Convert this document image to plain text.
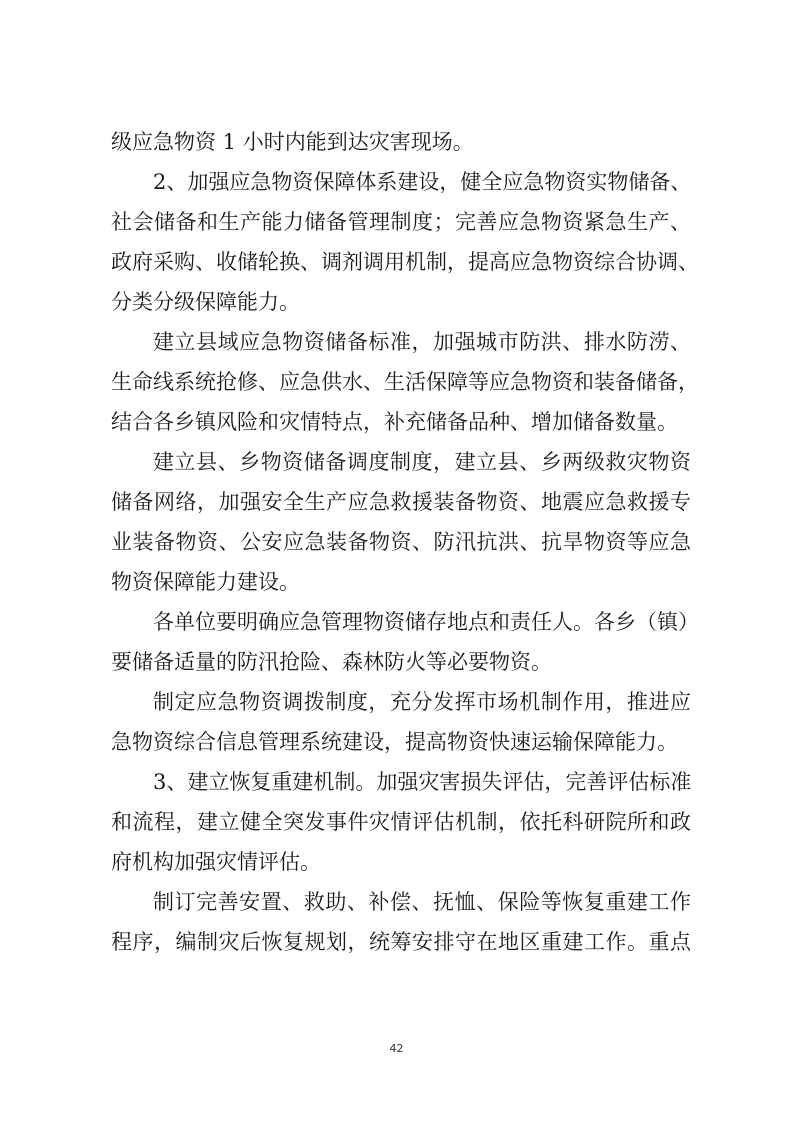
级应急物资 1 小时内能到达灾害现场。
2、加强应急物资保障体系建设，健全应急物资实物储备、
社会储备和生产能力储备管理制度；完善应急物资紧急生产、
政府采购、收储轮换、调剂调用机制，提高应急物资综合协调、
分类分级保障能力。
建立县域应急物资储备标准，加强城市防洪、排水防涝、
生命线系统抢修、应急供水、生活保障等应急物资和装备储备，
结合各乡镇风险和灾情特点，补充储备品种、增加储备数量。
建立县、乡物资储备调度制度，建立县、乡两级救灾物资
储备网络，加强安全生产应急救援装备物资、地震应急救援专
业装备物资、公安应急装备物资、防汛抗洪、抗旱物资等应急
物资保障能力建设。
各单位要明确应急管理物资储存地点和责任人。各乡（镇）
要储备适量的防汛抢险、森林防火等必要物资。
制定应急物资调拨制度，充分发挥市场机制作用，推进应
急物资综合信息管理系统建设，提高物资快速运输保障能力。
3、建立恢复重建机制。加强灾害损失评估，完善评估标准
和流程，建立健全突发事件灾情评估机制，依托科研院所和政
府机构加强灾情评估。
制订完善安置、救助、补偿、抚恤、保险等恢复重建工作
程序，编制灾后恢复规划，统筹安排守在地区重建工作。重点
42
